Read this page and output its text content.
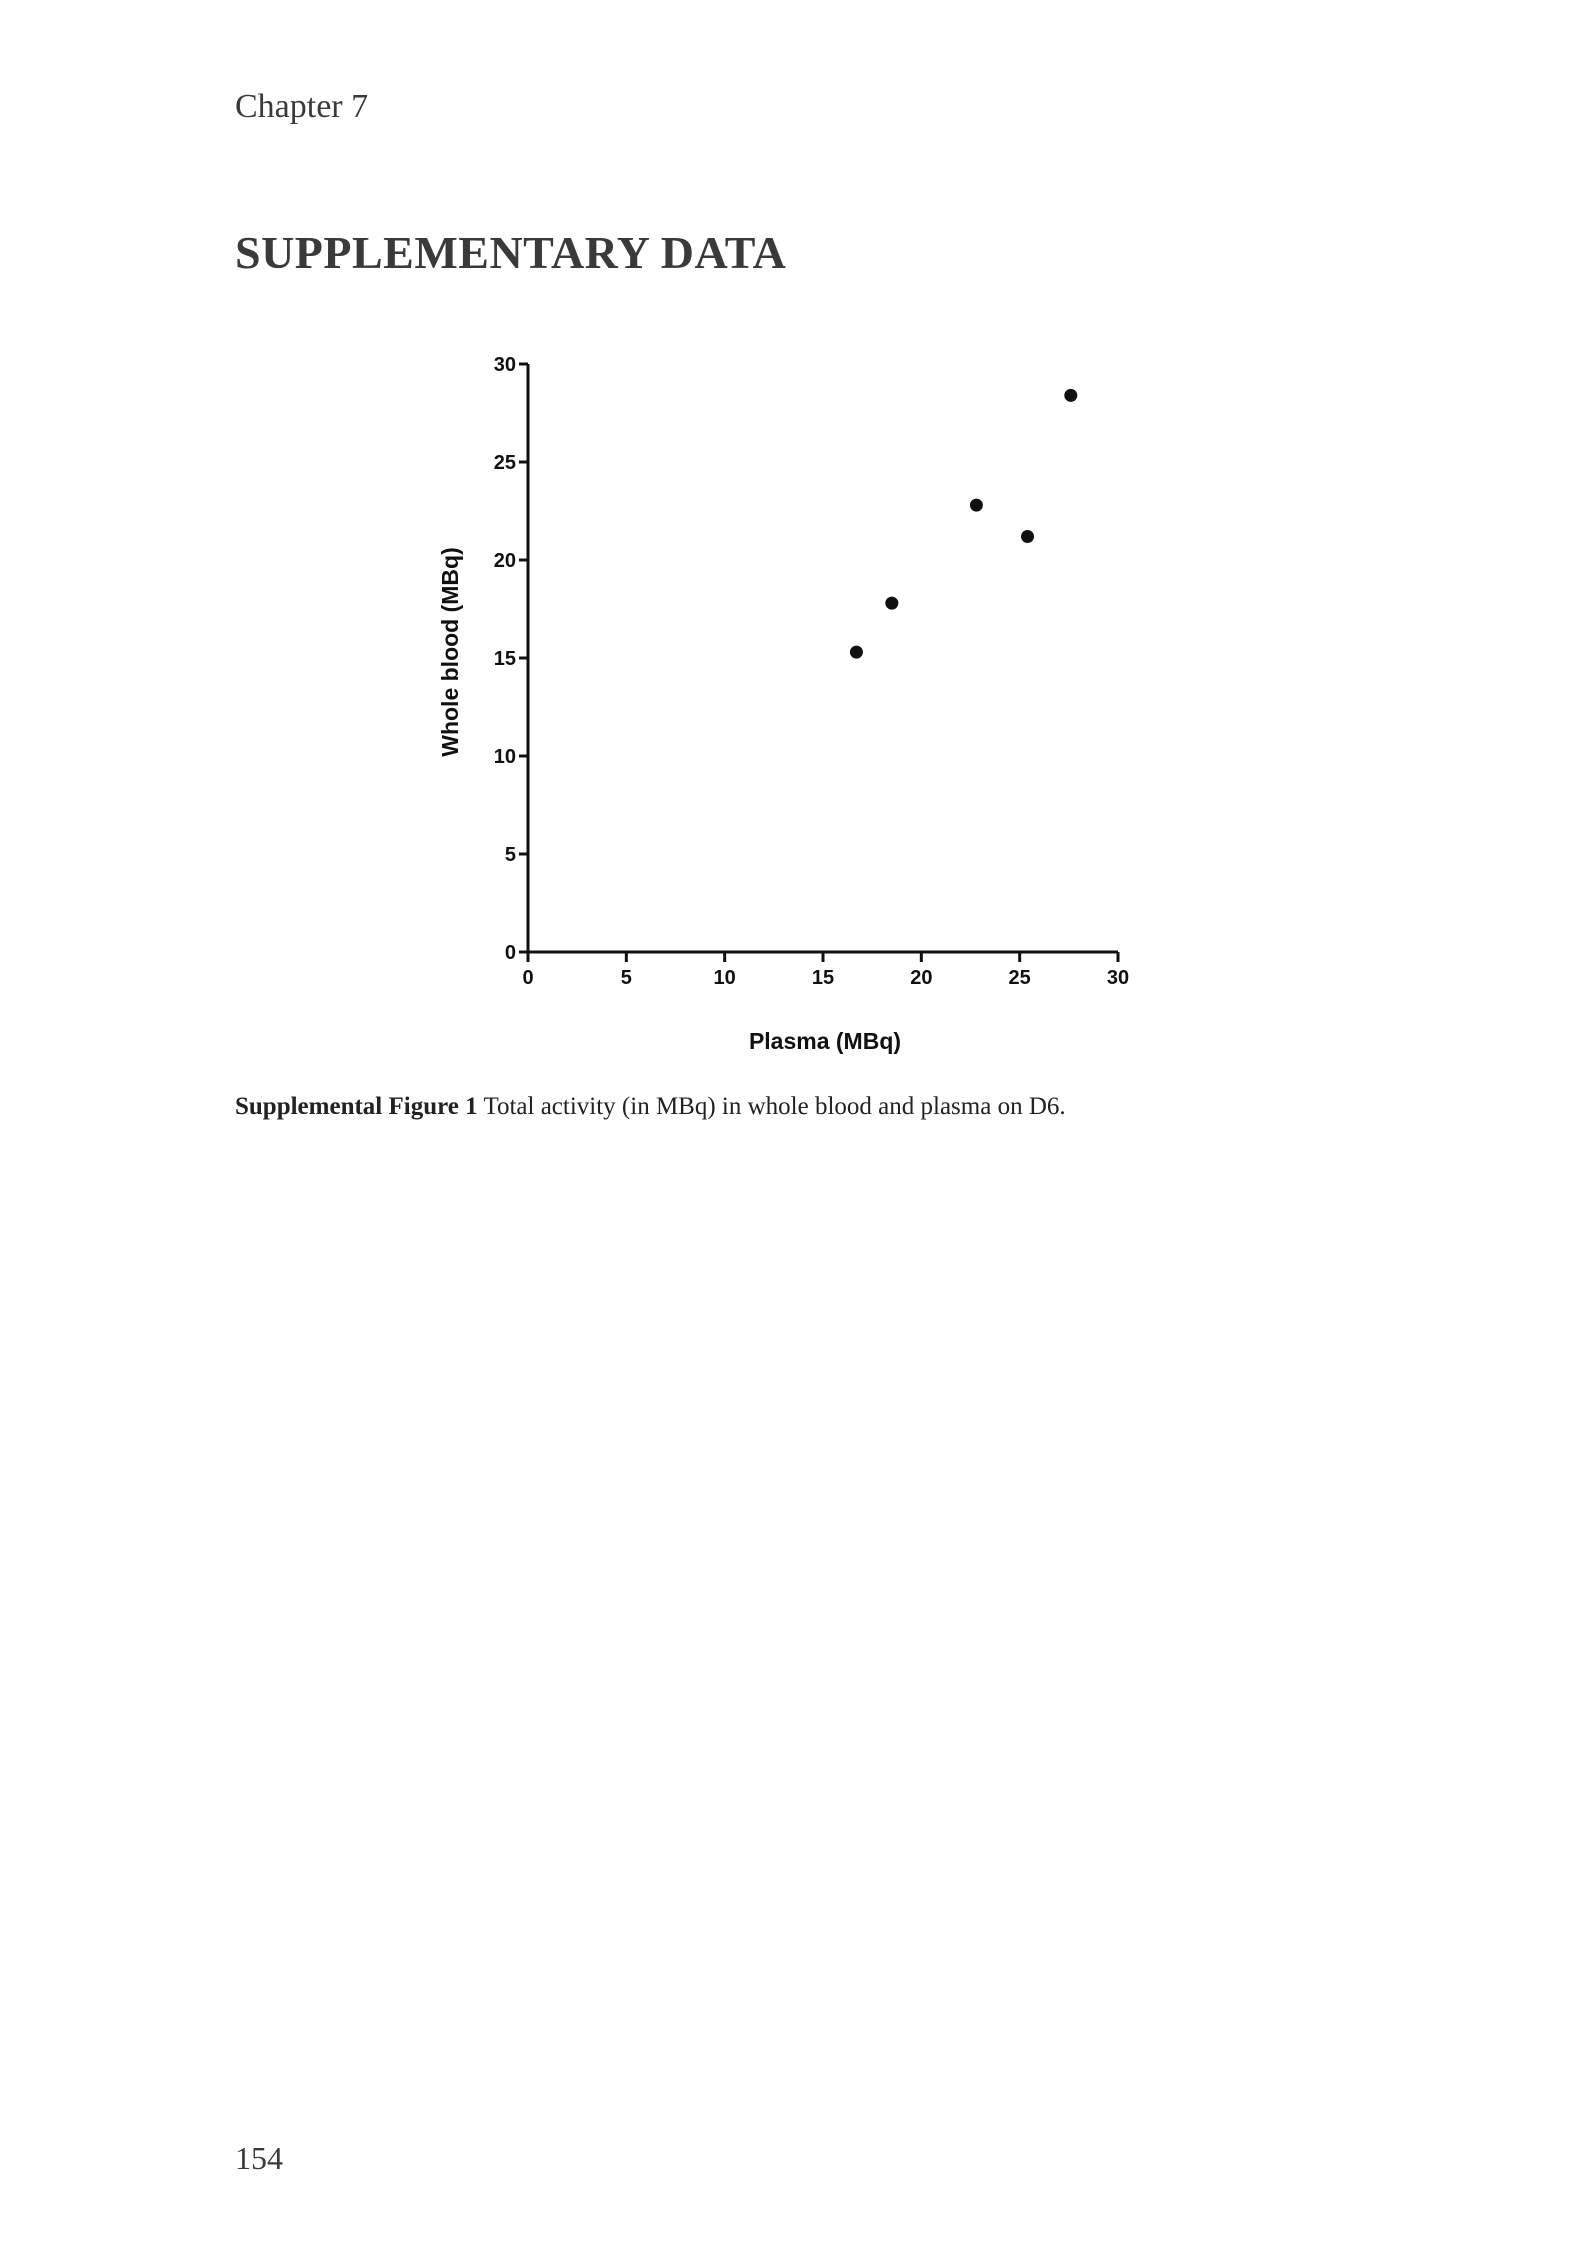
Chapter 7
SUPPLEMENTARY DATA
0
5
10
15
20
25
30
0	5	10	15	20	25	30
Plasma (MBq)
Whole blood (MBq)

Supplemental Figure 1 Total activity (in MBq) in whole blood and plasma on D6.

154
